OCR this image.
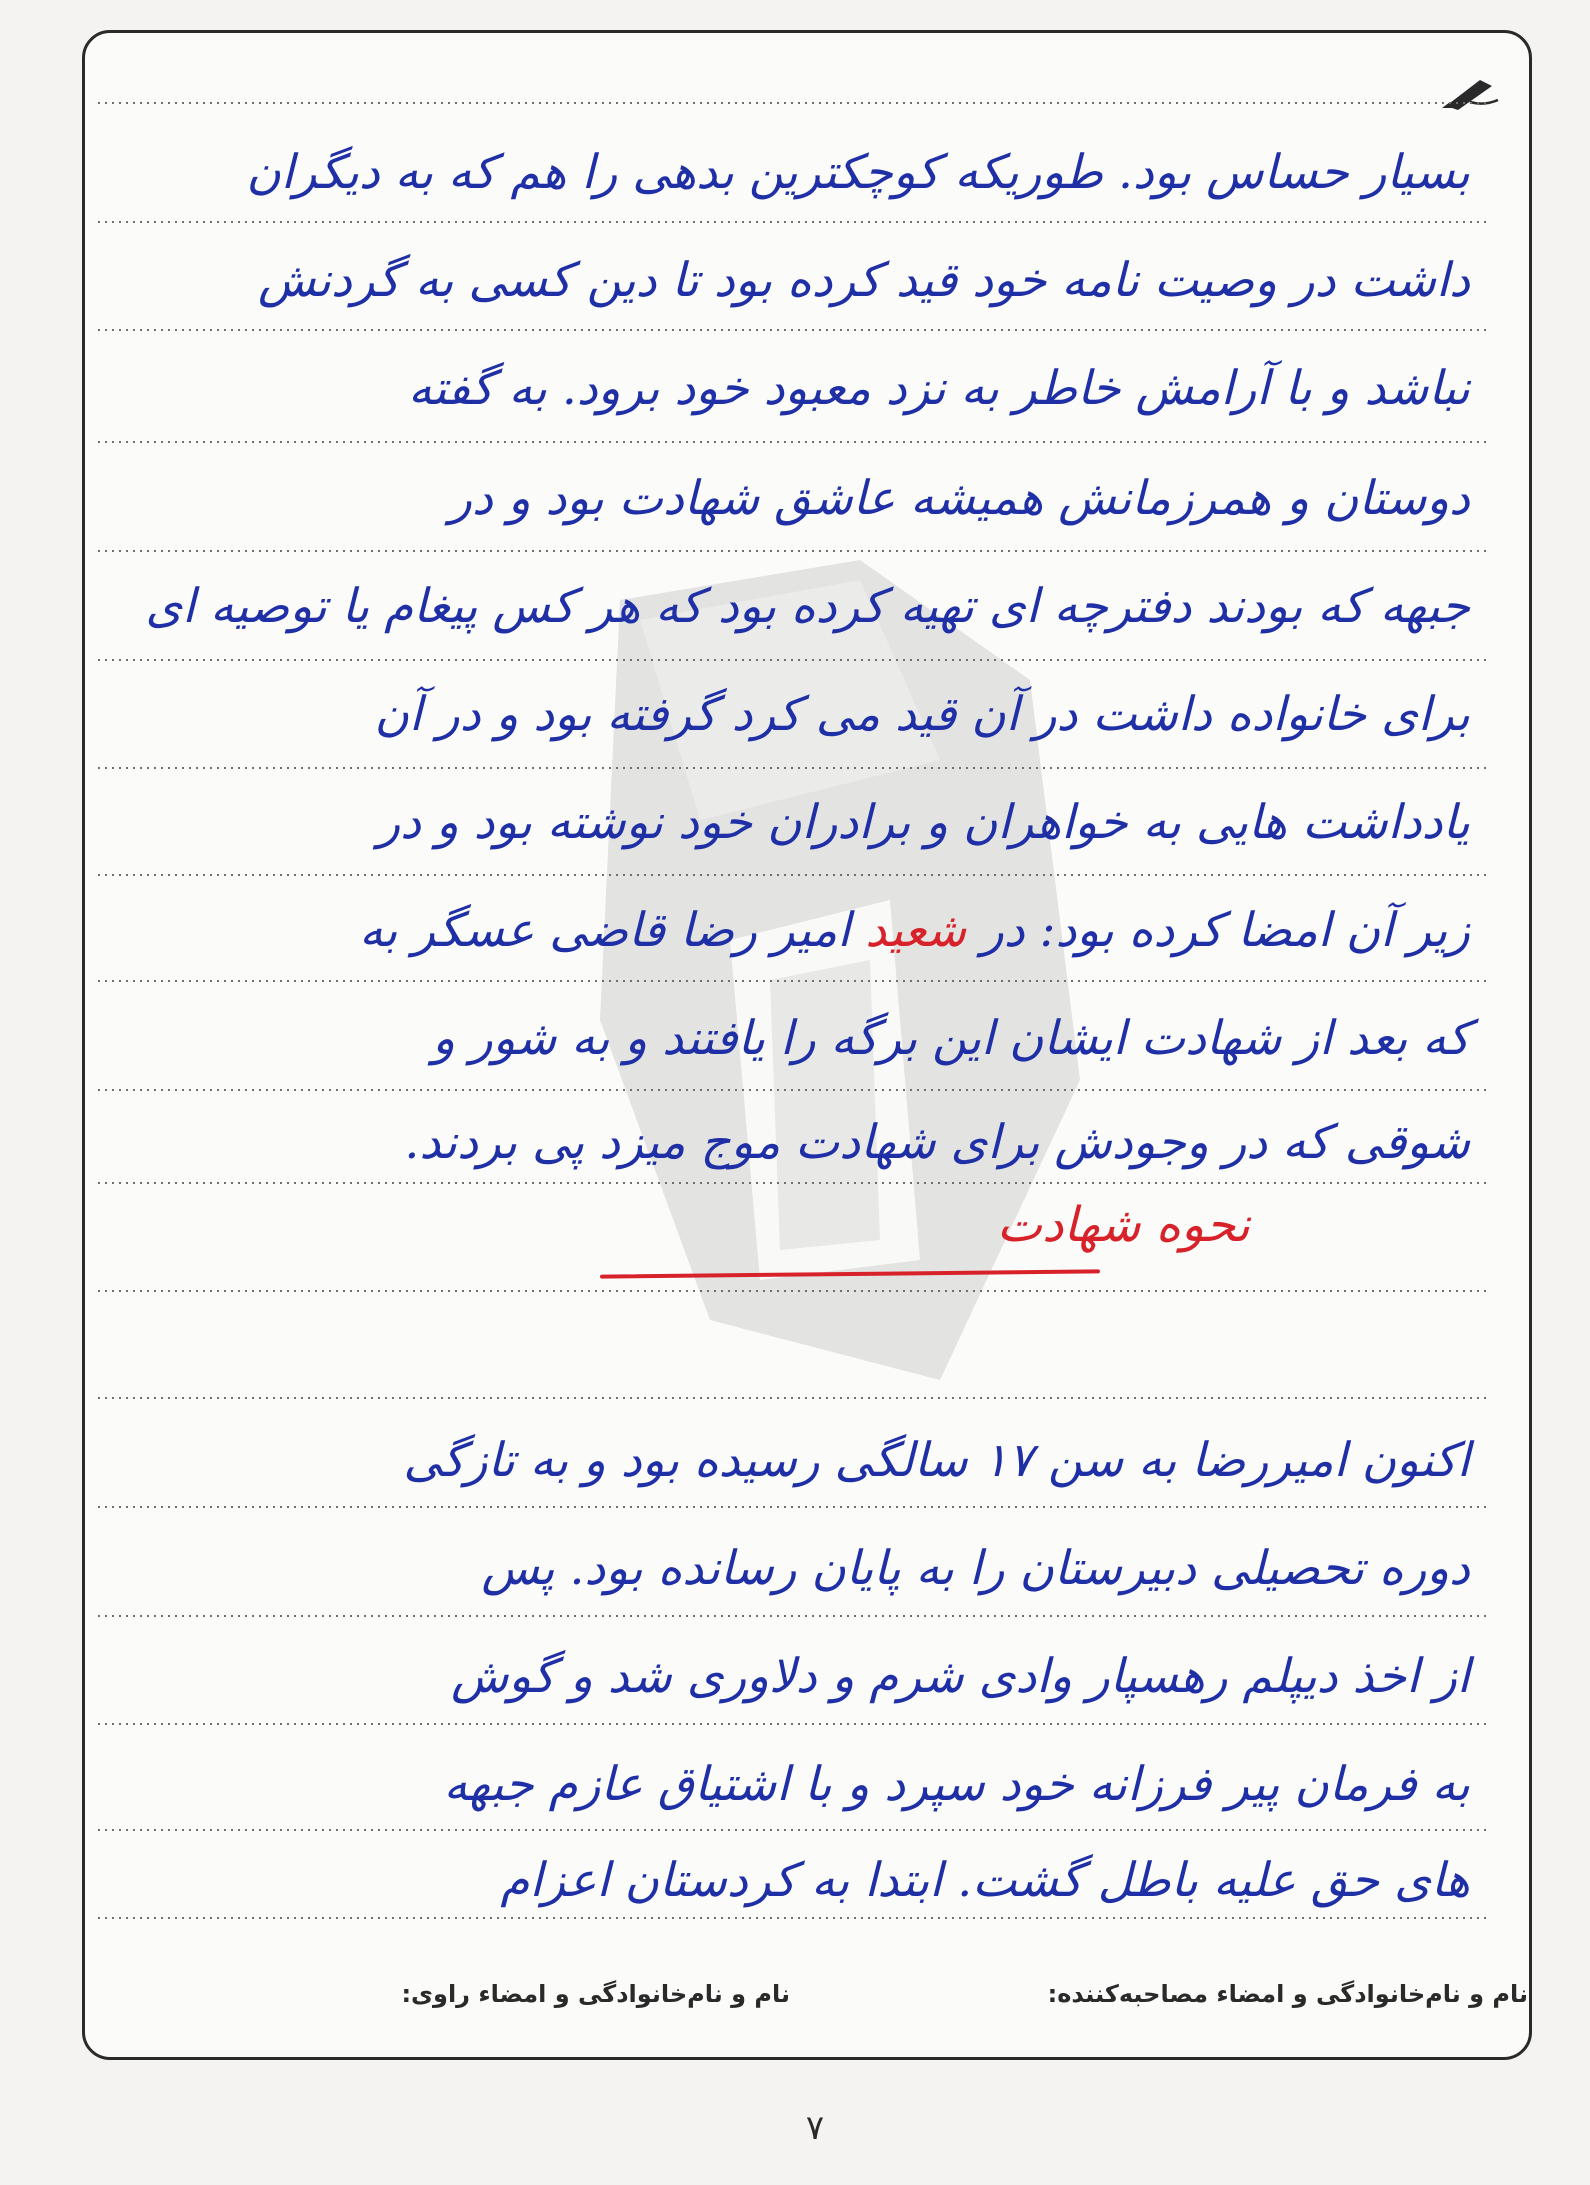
بسیار حساس بود. طوریکه کوچکترین بدهی را هم که به دیگران
داشت در وصیت نامه خود قید کرده بود تا دین کسی به گردنش
نباشد و با آرامش خاطر به نزد معبود خود برود. به گفته
دوستان و همرزمانش همیشه عاشق شهادت بود و در
جبهه که بودند دفترچه ای تهیه کرده بود که هر کس پیغام یا توصیه ای
برای خانواده داشت در آن قید می کرد گرفته بود و در آن
یادداشت هایی به خواهران و برادران خود نوشته بود و در
زیر آن امضا کرده بود: در شعید امیر رضا قاضی عسگر به
که بعد از شهادت ایشان این برگه را یافتند و به شور و
شوقی که در وجودش برای شهادت موج میزد پی بردند.
نحوه شهادت
اکنون امیررضا به سن ۱۷ سالگی رسیده بود و به تازگی
دوره تحصیلی دبیرستان را به پایان رسانده بود. پس
از اخذ دیپلم رهسپار وادی شرم و دلاوری شد و گوش
به فرمان پیر فرزانه خود سپرد و با اشتیاق عازم جبهه
های حق علیه باطل گشت. ابتدا به کردستان اعزام
نام و نام‌خانوادگی و امضاء مصاحبه‌کننده:
نام و نام‌خانوادگی و امضاء راوی:
۷
